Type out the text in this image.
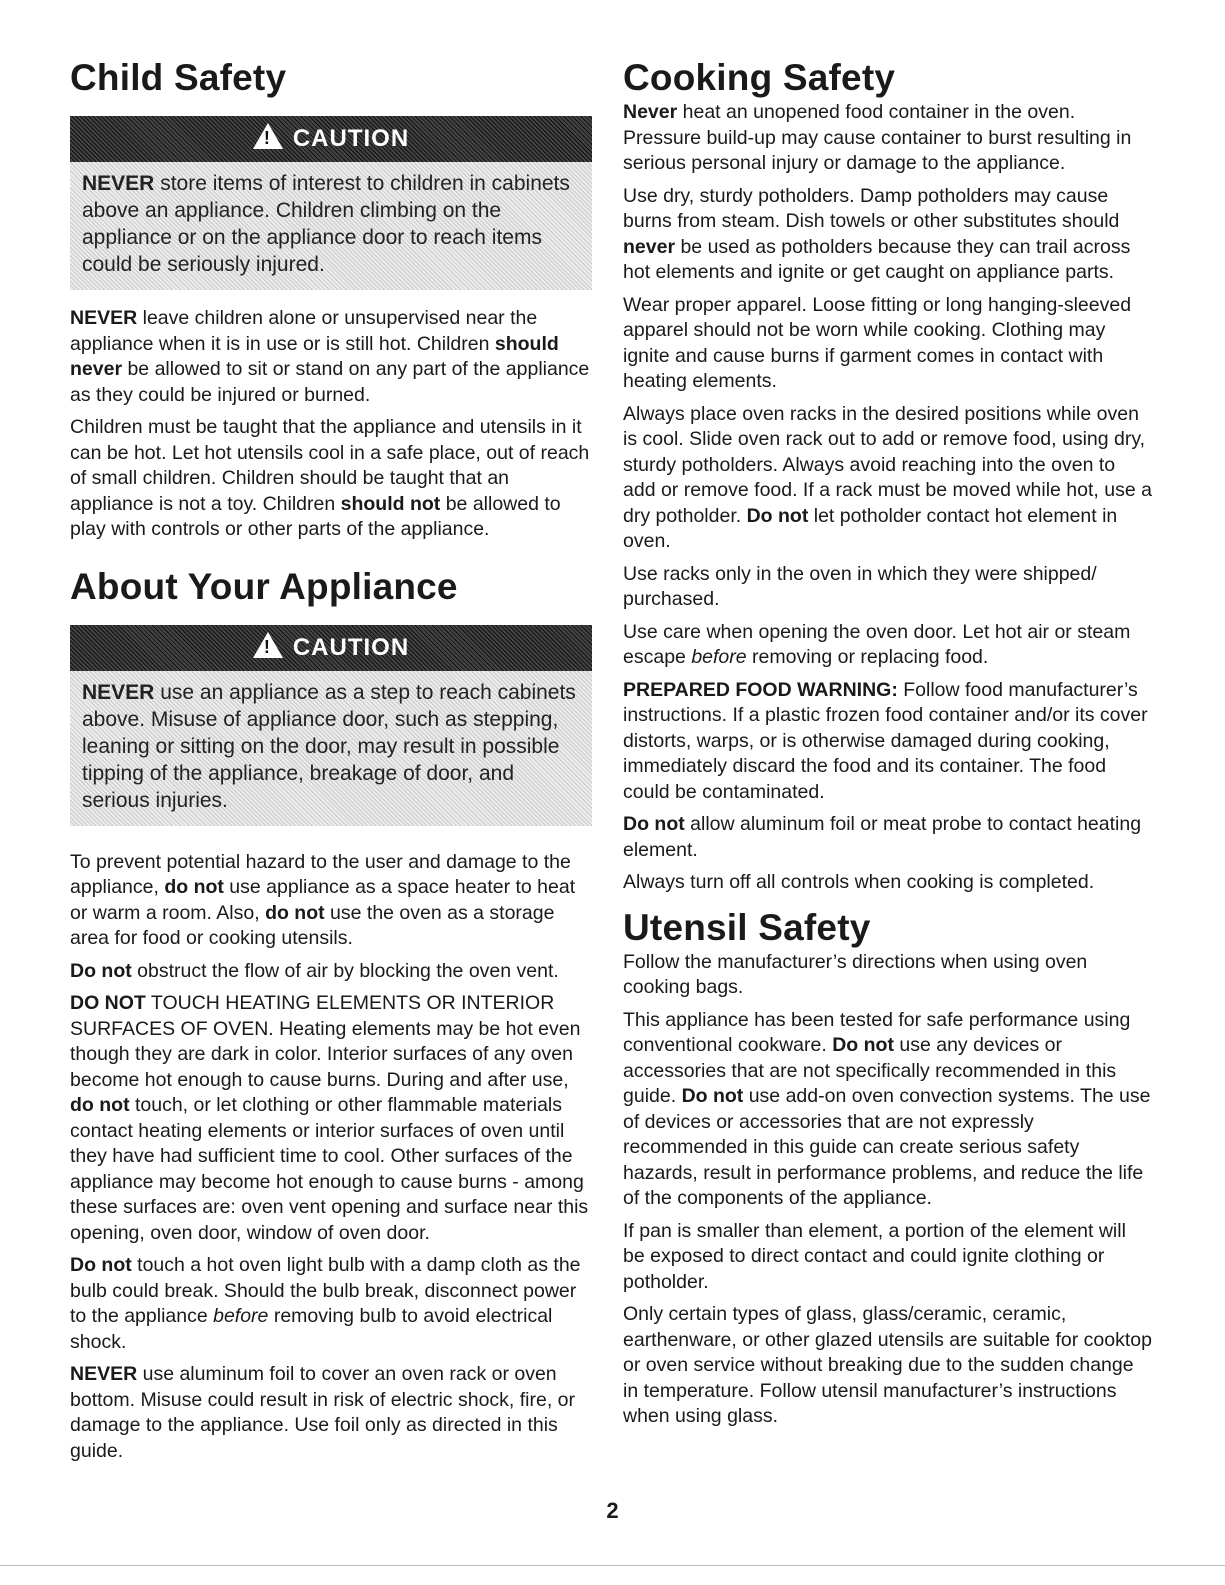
Child Safety
! CAUTION
NEVER store items of interest to children in cabinets above an appliance. Children climbing on the appliance or on the appliance door to reach items could be seriously injured.

NEVER leave children alone or unsupervised near the appliance when it is in use or is still hot. Children should never be allowed to sit or stand on any part of the appliance as they could be injured or burned.

Children must be taught that the appliance and utensils in it can be hot. Let hot utensils cool in a safe place, out of reach of small children. Children should be taught that an appliance is not a toy. Children should not be allowed to play with controls or other parts of the appliance.

About Your Appliance
! CAUTION
NEVER use an appliance as a step to reach cabinets above. Misuse of appliance door, such as stepping, leaning or sitting on the door, may result in possible tipping of the appliance, breakage of door, and serious injuries.

To prevent potential hazard to the user and damage to the appliance, do not use appliance as a space heater to heat or warm a room. Also, do not use the oven as a storage area for food or cooking utensils.

Do not obstruct the flow of air by blocking the oven vent.

DO NOT TOUCH HEATING ELEMENTS OR INTERIOR SURFACES OF OVEN. Heating elements may be hot even though they are dark in color. Interior surfaces of any oven become hot enough to cause burns. During and after use, do not touch, or let clothing or other flammable materials contact heating elements or interior surfaces of oven until they have had sufficient time to cool. Other surfaces of the appliance may become hot enough to cause burns - among these surfaces are: oven vent opening and surface near this opening, oven door, window of oven door.

Do not touch a hot oven light bulb with a damp cloth as the bulb could break. Should the bulb break, disconnect power to the appliance before removing bulb to avoid electrical shock.

NEVER use aluminum foil to cover an oven rack or oven bottom. Misuse could result in risk of electric shock, fire, or damage to the appliance. Use foil only as directed in this guide.

Cooking Safety

Never heat an unopened food container in the oven. Pressure build-up may cause container to burst resulting in serious personal injury or damage to the appliance.

Use dry, sturdy potholders. Damp potholders may cause burns from steam. Dish towels or other substitutes should never be used as potholders because they can trail across hot elements and ignite or get caught on appliance parts.

Wear proper apparel. Loose fitting or long hanging-sleeved apparel should not be worn while cooking. Clothing may ignite and cause burns if garment comes in contact with heating elements.

Always place oven racks in the desired positions while oven is cool. Slide oven rack out to add or remove food, using dry, sturdy potholders. Always avoid reaching into the oven to add or remove food. If a rack must be moved while hot, use a dry potholder. Do not let potholder contact hot element in oven.

Use racks only in the oven in which they were shipped/ purchased.

Use care when opening the oven door. Let hot air or steam escape before removing or replacing food.

PREPARED FOOD WARNING: Follow food manufacturer’s instructions. If a plastic frozen food container and/or its cover distorts, warps, or is otherwise damaged during cooking, immediately discard the food and its container. The food could be contaminated.

Do not allow aluminum foil or meat probe to contact heating element.

Always turn off all controls when cooking is completed.

Utensil Safety

Follow the manufacturer’s directions when using oven cooking bags.

This appliance has been tested for safe performance using conventional cookware. Do not use any devices or accessories that are not specifically recommended in this guide. Do not use add-on oven convection systems. The use of devices or accessories that are not expressly recommended in this guide can create serious safety hazards, result in performance problems, and reduce the life of the components of the appliance.

If pan is smaller than element, a portion of the element will be exposed to direct contact and could ignite clothing or potholder.

Only certain types of glass, glass/ceramic, ceramic, earthenware, or other glazed utensils are suitable for cooktop or oven service without breaking due to the sudden change in temperature. Follow utensil manufacturer’s instructions when using glass.

2
